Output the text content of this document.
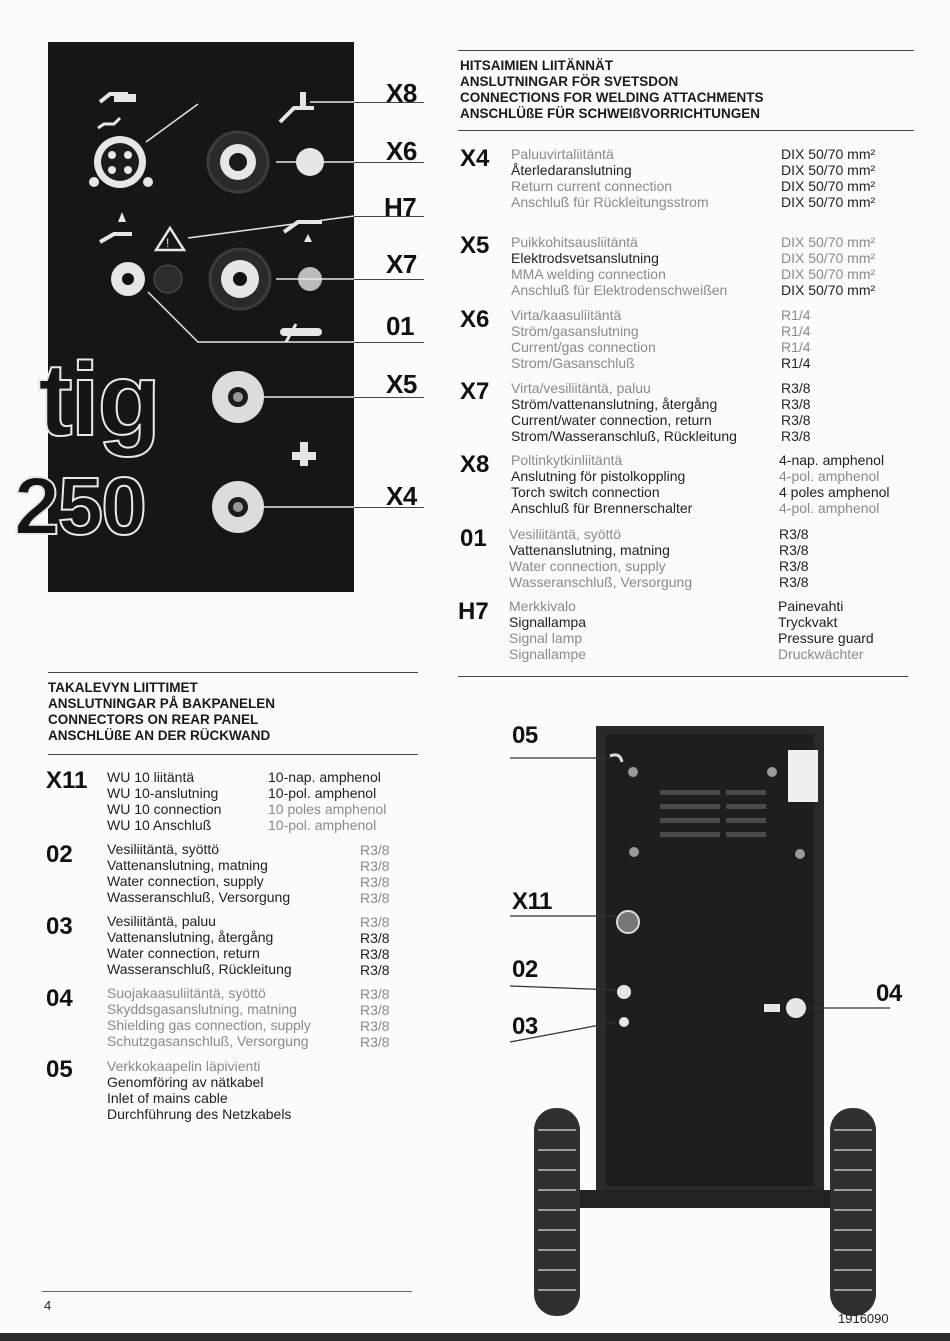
!
tig
250
X8
X6
H7
X7
01
X5
X4
HITSAIMIEN LIITÄNNÄT
ANSLUTNINGAR FÖR SVETSDON
CONNECTIONS FOR WELDING ATTACHMENTS
ANSCHLÜßE FÜR SCHWEIßVORRICHTUNGEN
X4 Paluuvirtaliitäntä
Återledaranslutning
Return current connection
Anschluß für Rückleitungsstrom
DIX 50/70 mm²
DIX 50/70 mm²
DIX 50/70 mm²
DIX 50/70 mm²
X5 Puikkohitsausliitäntä
Elektrodsvetsanslutning
MMA welding connection
Anschluß für Elektrodenschweißen
DIX 50/70 mm²
DIX 50/70 mm²
DIX 50/70 mm²
DIX 50/70 mm²
X6 Virta/kaasuliitäntä
Ström/gasanslutning
Current/gas connection
Strom/Gasanschluß
R1/4
R1/4
R1/4
R1/4
X7 Virta/vesiliitäntä, paluu
Ström/vattenanslutning, återgång
Current/water connection, return
Strom/Wasseranschluß, Rückleitung
R3/8
R3/8
R3/8
R3/8
X8 Poltinkytkinliitäntä
Anslutning för pistolkoppling
Torch switch connection
Anschluß für Brennerschalter
4-nap. amphenol
4-pol. amphenol
4 poles amphenol
4-pol. amphenol
01 Vesiliitäntä, syöttö
Vattenanslutning, matning
Water connection, supply
Wasseranschluß, Versorgung
R3/8
R3/8
R3/8
R3/8
H7 Merkkivalo
Signallampa
Signal lamp
Signallampe
Painevahti
Tryckvakt
Pressure guard
Druckwächter
TAKALEVYN LIITTIMET
ANSLUTNINGAR PÅ BAKPANELEN
CONNECTORS ON REAR PANEL
ANSCHLÜßE AN DER RÜCKWAND
X11 WU 10 liitäntä
WU 10-anslutning
WU 10 connection
WU 10 Anschluß
10-nap. amphenol
10-pol. amphenol
10 poles amphenol
10-pol. amphenol
02 Vesiliitäntä, syöttö
Vattenanslutning, matning
Water connection, supply
Wasseranschluß, Versorgung
R3/8
R3/8
R3/8
R3/8
03 Vesiliitäntä, paluu
Vattenanslutning, återgång
Water connection, return
Wasseranschluß, Rückleitung
R3/8
R3/8
R3/8
R3/8
04 Suojakaasuliitäntä, syöttö
Skyddsgasanslutning, matning
Shielding gas connection, supply
Schutzgasanschluß, Versorgung
R3/8
R3/8
R3/8
R3/8
05 Verkkokaapelin läpivienti
Genomföring av nätkabel
Inlet of mains cable
Durchführung des Netzkabels
05
X11
02
03
04
4
1916090
